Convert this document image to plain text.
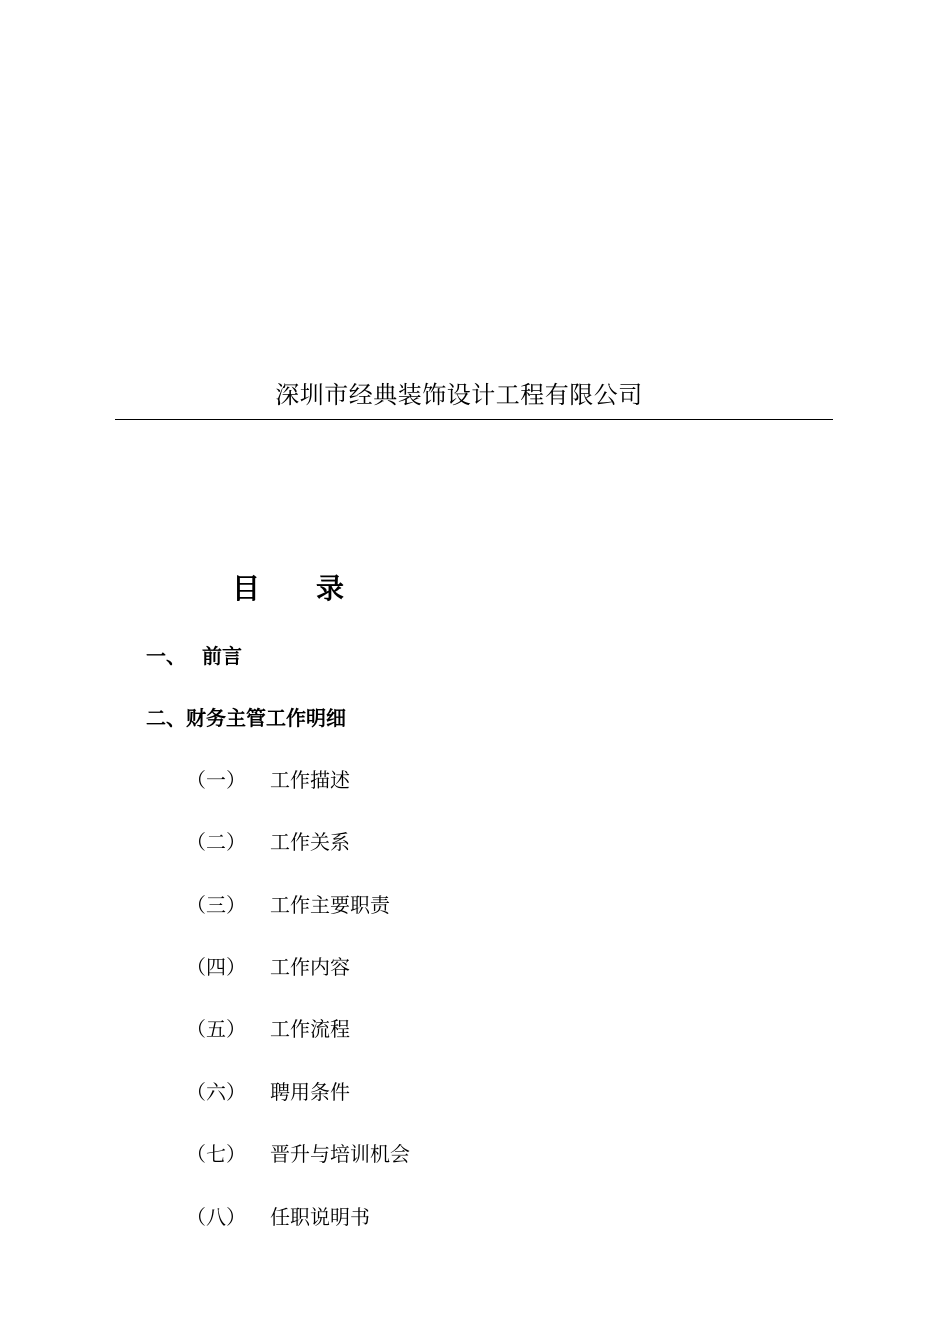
深圳市经典装饰设计工程有限公司
目 录
一、 前言
二、财务主管工作明细
（一） 工作描述
（二） 工作关系
（三） 工作主要职责
（四） 工作内容
（五） 工作流程
（六） 聘用条件
（七） 晋升与培训机会
（八） 任职说明书
